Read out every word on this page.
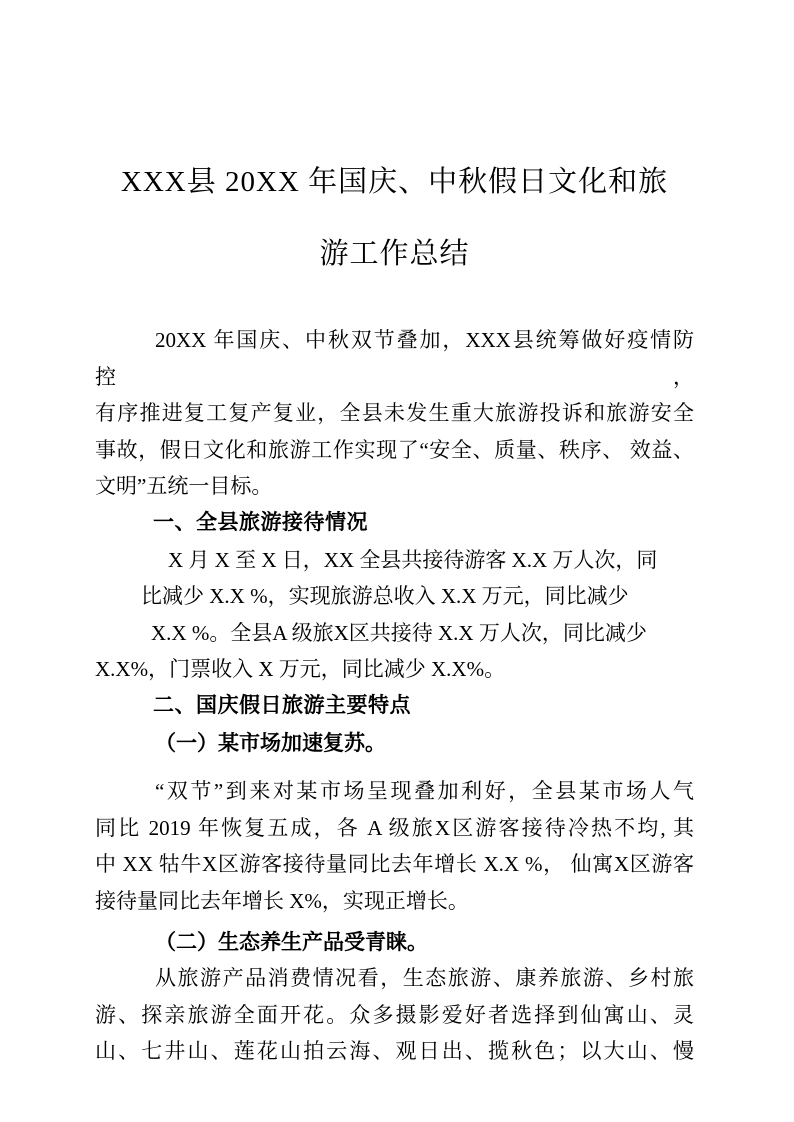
XXX县 20XX 年国庆、中秋假日文化和旅
游工作总结
20XX 年国庆、中秋双节叠加，XXX县统筹做好疫情防控，
有序推进复工复产复业，全县未发生重大旅游投诉和旅游安全
事故，假日文化和旅游工作实现了“安全、质量、秩序、 效益、
文明”五统一目标。

一、全县旅游接待情况

X 月 X 至 X 日，XX 全县共接待游客 X.X 万人次，同
比减少 X.X %，实现旅游总收入 X.X 万元，同比减少
X.X %。全县A 级旅X区共接待 X.X 万人次，同比减少
X.X%，门票收入 X 万元，同比减少 X.X%。

二、国庆假日旅游主要特点

（一）某市场加速复苏。

“双节”到来对某市场呈现叠加利好，全县某市场人气
同比 2019 年恢复五成，各 A 级旅X区游客接待冷热不均, 其
中 XX 牯牛X区游客接待量同比去年增长 X.X %， 仙寓X区游客
接待量同比去年增长 X%，实现正增长。

（二）生态养生产品受青睐。

从旅游产品消费情况看，生态旅游、康养旅游、乡村旅
游、探亲旅游全面开花。众多摄影爱好者选择到仙寓山、灵
山、七井山、莲花山拍云海、观日出、揽秋色；以大山、慢
